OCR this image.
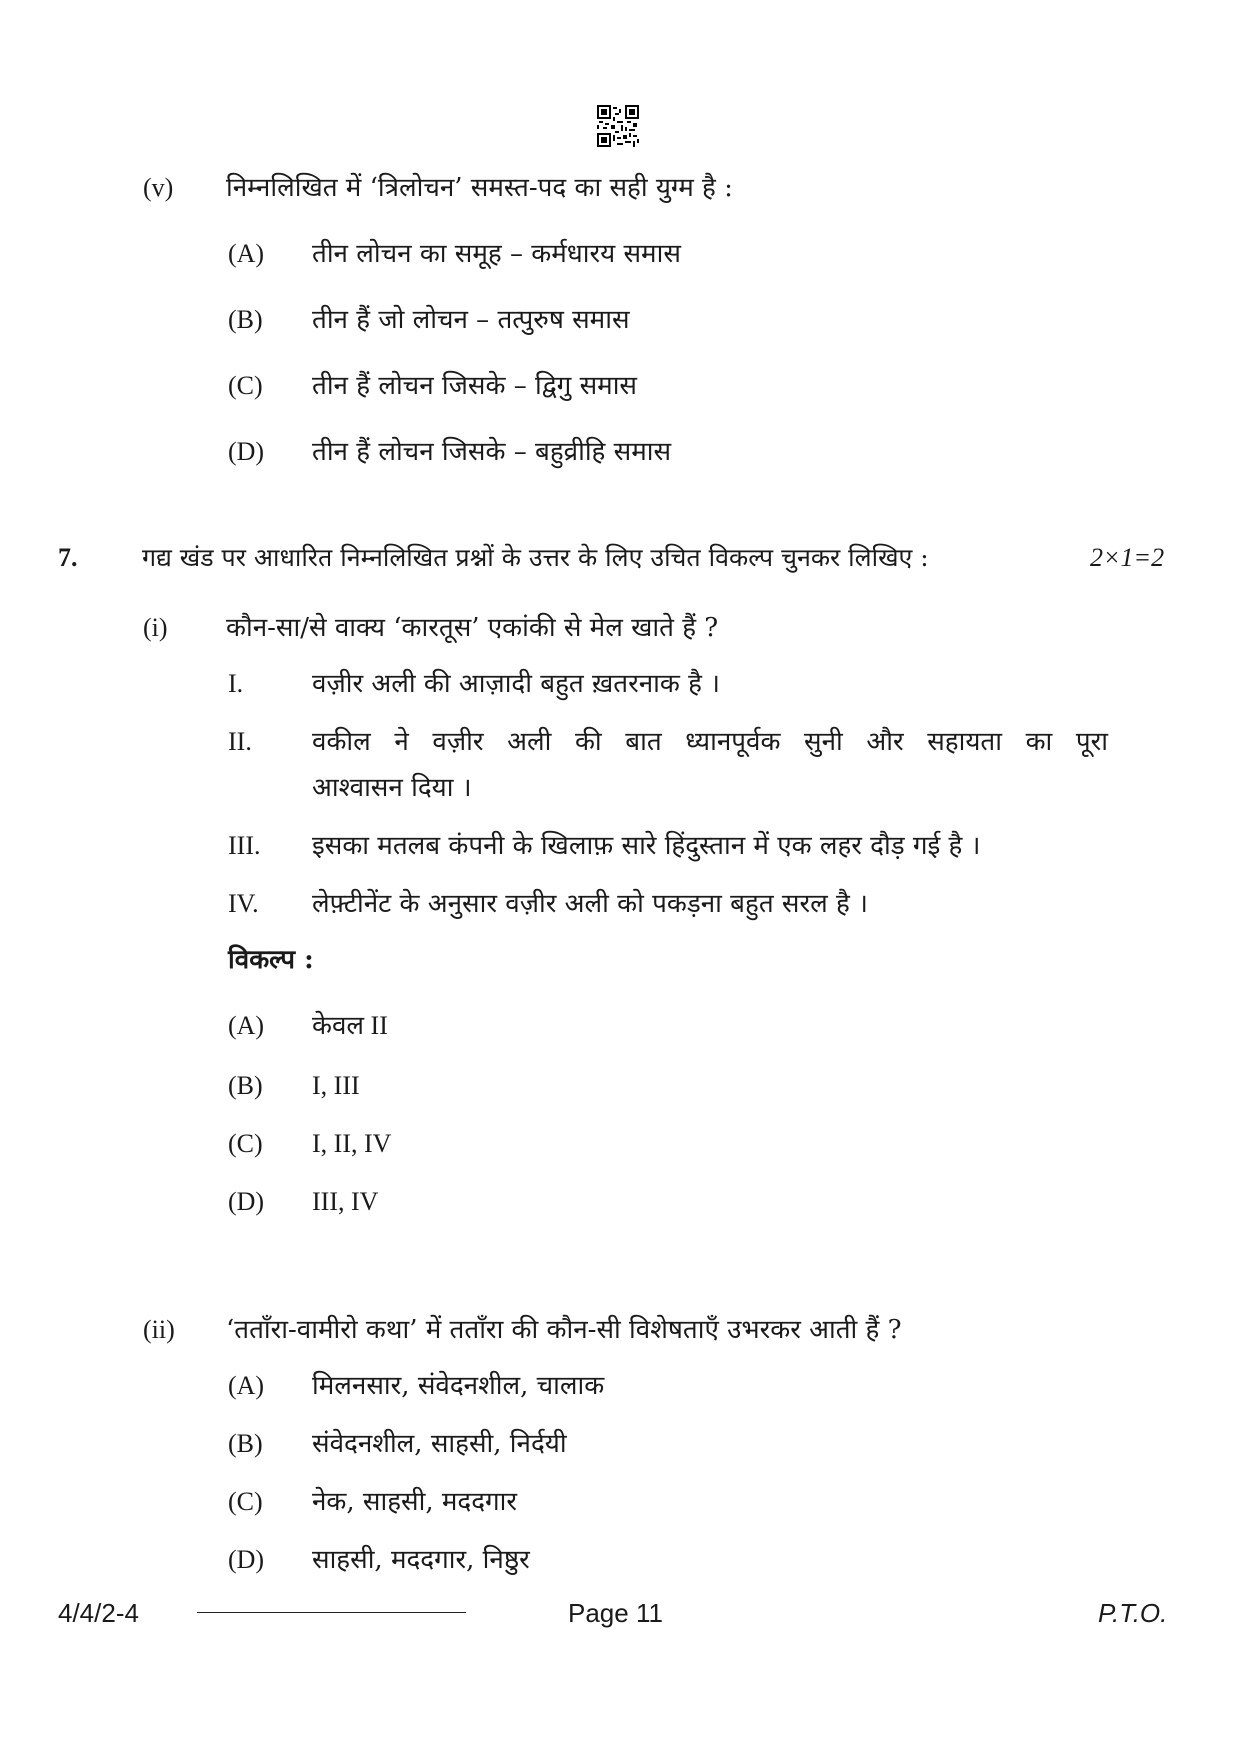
(v) निम्नलिखित में ‘त्रिलोचन’ समस्त-पद का सही युग्म है :
(A) तीन लोचन का समूह – कर्मधारय समास
(B) तीन हैं जो लोचन – तत्पुरुष समास
(C) तीन हैं लोचन जिसके – द्विगु समास
(D) तीन हैं लोचन जिसके – बहुव्रीहि समास
7.	गद्य खंड पर आधारित निम्नलिखित प्रश्नों के उत्तर के लिए उचित विकल्प चुनकर लिखिए :	2×1=2
(i) कौन-सा/से वाक्य ‘कारतूस’ एकांकी से मेल खाते हैं ?
I.	वज़ीर अली की आज़ादी बहुत ख़तरनाक है ।
II. वकील ने वज़ीर अली की बात ध्यानपूर्वक सुनी और सहायता का पूरा
आश्वासन दिया ।
III. इसका मतलब कंपनी के खिलाफ़ सारे हिंदुस्तान में एक लहर दौड़ गई है ।
IV. लेफ़्टीनेंट के अनुसार वज़ीर अली को पकड़ना बहुत सरल है ।
विकल्प :
(A) केवल II
(B) I, III
(C) I, II, IV
(D) III, IV
(ii) ‘तताँरा-वामीरो कथा’ में तताँरा की कौन-सी विशेषताएँ उभरकर आती हैं ?
(A) मिलनसार, संवेदनशील, चालाक
(B) संवेदनशील, साहसी, निर्दयी
(C) नेक, साहसी, मददगार
(D) साहसी, मददगार, निष्ठुर
4/4/2-4	Page 11	P.T.O.
